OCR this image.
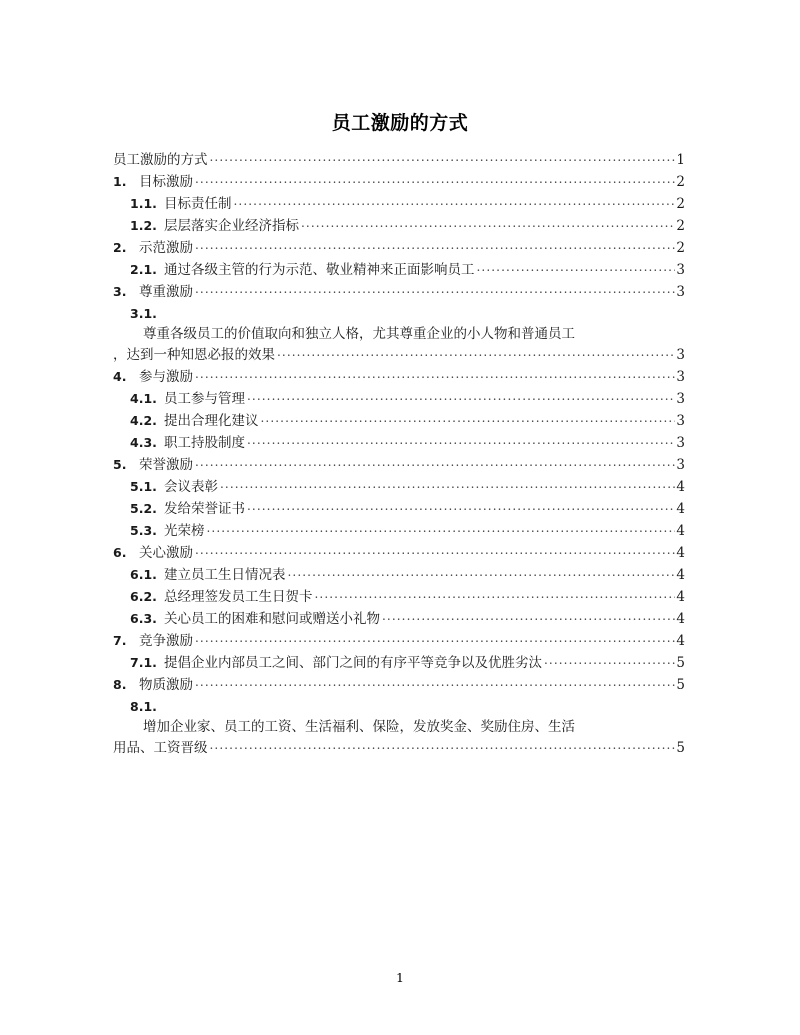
员工激励的方式
员工激励的方式 .....	1
1. 目标激励 .....	2
1.1. 目标责任制 .....	2
1.2. 层层落实企业经济指标 .....	2
2. 示范激励 .....	2
2.1. 通过各级主管的行为示范、敬业精神来正面影响员工 .....	3
3. 尊重激励 .....	3
3.1.
尊重各级员工的价值取向和独立人格，尤其尊重企业的小人物和普通员工
，达到一种知恩必报的效果 .....	3
4. 参与激励 .....	3
4.1. 员工参与管理 .....	3
4.2. 提出合理化建议 .....	3
4.3. 职工持股制度 .....	3
5. 荣誉激励 .....	3
5.1. 会议表彰 .....	4
5.2. 发给荣誉证书 .....	4
5.3. 光荣榜 .....	4
6. 关心激励 .....	4
6.1. 建立员工生日情况表 .....	4
6.2. 总经理签发员工生日贺卡 .....	4
6.3. 关心员工的困难和慰问或赠送小礼物 .....	4
7. 竞争激励 .....	4
7.1. 提倡企业内部员工之间、部门之间的有序平等竞争以及优胜劣汰 .....	5
8. 物质激励 .....	5
8.1.
增加企业家、员工的工资、生活福利、保险，发放奖金、奖励住房、生活
用品、工资晋级 .....	5
1
